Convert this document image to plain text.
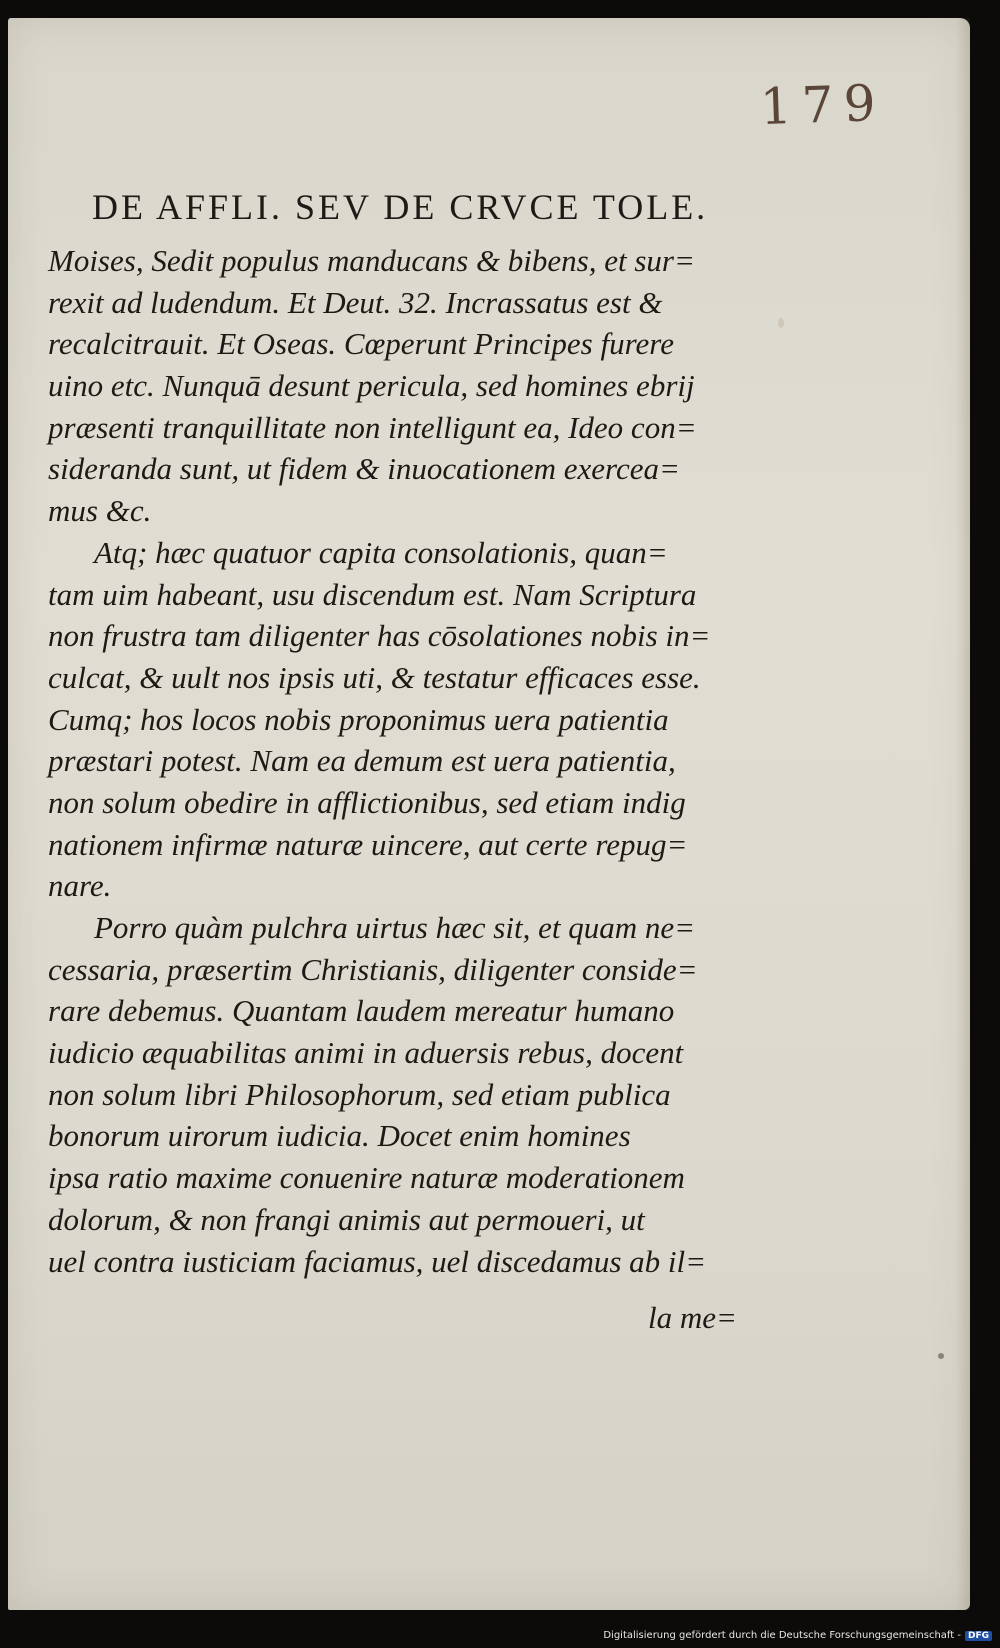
179
DE AFFLI. SEV DE CRVCE TOLE.
Moises, Sedit populus manducans & bibens, et sur=
rexit ad ludendum. Et Deut. 32. Incrassatus est &
recalcitrauit. Et Oseas. Cœperunt Principes furere
uino etc. Nunquā desunt pericula, sed homines ebrij
præsenti tranquillitate non intelligunt ea, Ideo con=
sideranda sunt, ut fidem & inuocationem exercea=
mus &c.
Atq; hæc quatuor capita consolationis, quan=
tam uim habeant, usu discendum est. Nam Scriptura
non frustra tam diligenter has cōsolationes nobis in=
culcat, & uult nos ipsis uti, & testatur efficaces esse.
Cumq; hos locos nobis proponimus uera patientia
præstari potest. Nam ea demum est uera patientia,
non solum obedire in afflictionibus, sed etiam indig
nationem infirmæ naturæ uincere, aut certe repug=
nare.
Porro quàm pulchra uirtus hæc sit, et quam ne=
cessaria, præsertim Christianis, diligenter conside=
rare debemus. Quantam laudem mereatur humano
iudicio æquabilitas animi in aduersis rebus, docent
non solum libri Philosophorum, sed etiam publica
bonorum uirorum iudicia. Docet enim homines
ipsa ratio maxime conuenire naturæ moderationem
dolorum, & non frangi animis aut permoueri, ut
uel contra iusticiam faciamus, uel discedamus ab il=
la me=
Digitalisierung gefördert durch die Deutsche Forschungsgemeinschaft - DFG
